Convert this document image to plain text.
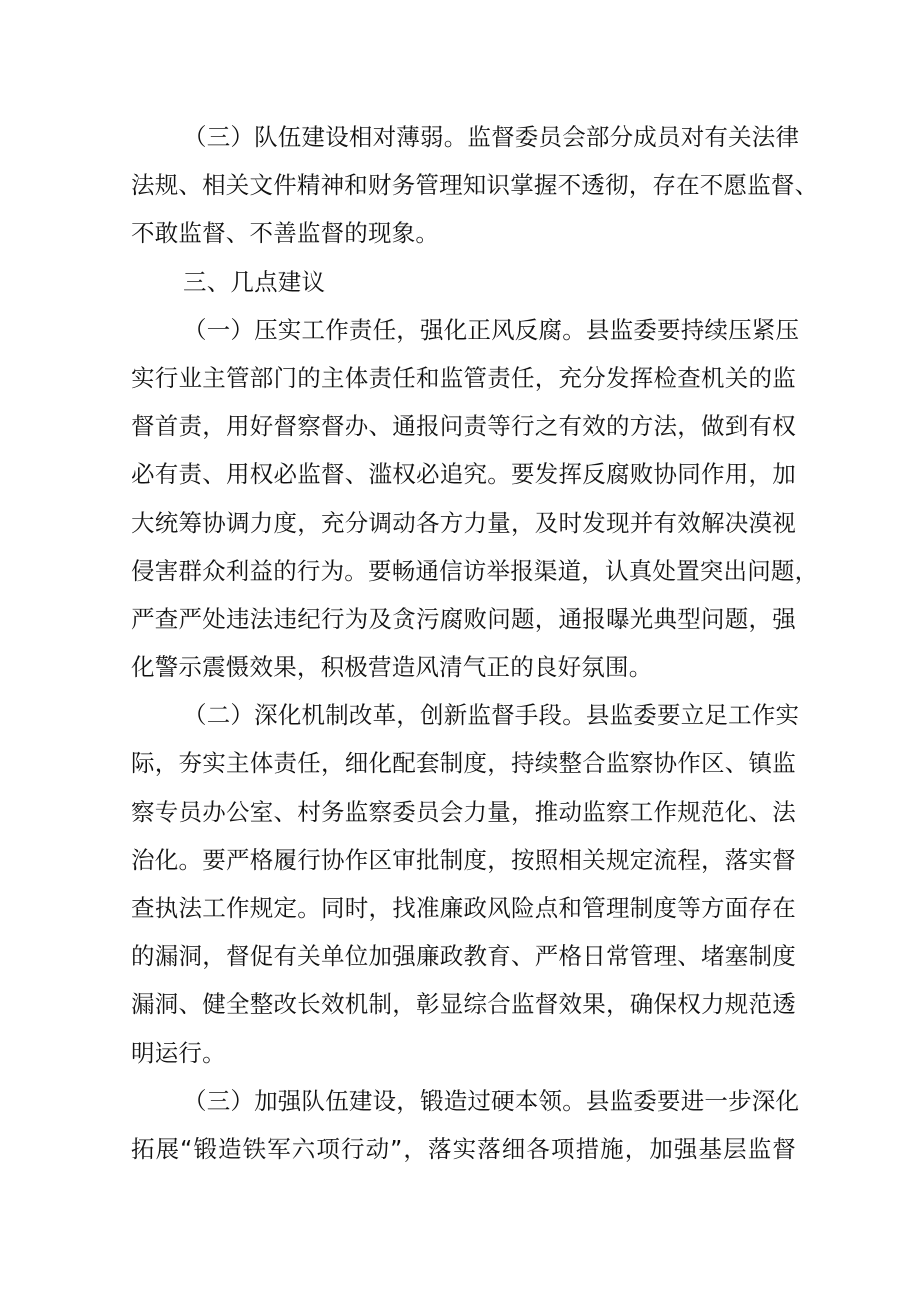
（三）队伍建设相对薄弱。监督委员会部分成员对有关法律
法规、相关文件精神和财务管理知识掌握不透彻，存在不愿监督、
不敢监督、不善监督的现象。
三、几点建议
（一）压实工作责任，强化正风反腐。县监委要持续压紧压
实行业主管部门的主体责任和监管责任，充分发挥检查机关的监
督首责，用好督察督办、通报问责等行之有效的方法，做到有权
必有责、用权必监督、滥权必追究。要发挥反腐败协同作用，加
大统筹协调力度，充分调动各方力量，及时发现并有效解决漠视
侵害群众利益的行为。要畅通信访举报渠道，认真处置突出问题，
严查严处违法违纪行为及贪污腐败问题，通报曝光典型问题，强
化警示震慑效果，积极营造风清气正的良好氛围。
（二）深化机制改革，创新监督手段。县监委要立足工作实
际，夯实主体责任，细化配套制度，持续整合监察协作区、镇监
察专员办公室、村务监察委员会力量，推动监察工作规范化、法
治化。要严格履行协作区审批制度，按照相关规定流程，落实督
查执法工作规定。同时，找准廉政风险点和管理制度等方面存在
的漏洞，督促有关单位加强廉政教育、严格日常管理、堵塞制度
漏洞、健全整改长效机制，彰显综合监督效果，确保权力规范透
明运行。
（三）加强队伍建设，锻造过硬本领。县监委要进一步深化
拓展“锻造铁军六项行动”，落实落细各项措施，加强基层监督
